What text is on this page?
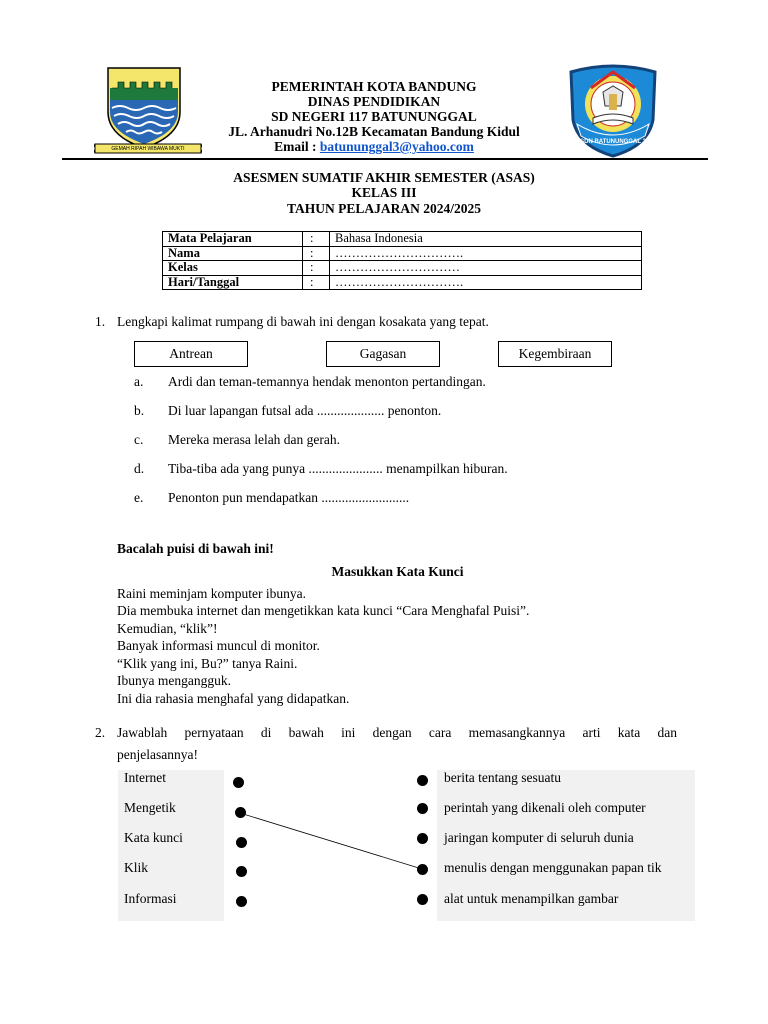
GEMAH RIPAH WIBAWA MUKTI
SDN BATUNUNGGAL 3
PEMERINTAH KOTA BANDUNG
DINAS PENDIDIKAN
SD NEGERI 117 BATUNUNGGAL
JL. Arhanudri No.12B Kecamatan Bandung Kidul
Email : batununggal3@yahoo.com
ASESMEN SUMATIF AKHIR SEMESTER (ASAS)
KELAS III
TAHUN PELAJARAN 2024/2025
Mata Pelajaran	:	Bahasa Indonesia
Nama	:	………………………….
Kelas	:	…………………………
Hari/Tanggal	:	………………………….
1. Lengkapi kalimat rumpang di bawah ini dengan kosakata yang tepat.
Antrean	Gagasan	Kegembiraan
a. Ardi dan teman-temannya hendak menonton pertandingan.
b. Di luar lapangan futsal ada .................... penonton.
c. Mereka merasa lelah dan gerah.
d. Tiba-tiba ada yang punya ...................... menampilkan hiburan.
e. Penonton pun mendapatkan ..........................
Bacalah puisi di bawah ini!
Masukkan Kata Kunci
Raini meminjam komputer ibunya.
Dia membuka internet dan mengetikkan kata kunci “Cara Menghafal Puisi”.
Kemudian, “klik”!
Banyak informasi muncul di monitor.
“Klik yang ini, Bu?” tanya Raini.
Ibunya mengangguk.
Ini dia rahasia menghafal yang didapatkan.
2. Jawablah pernyataan di bawah ini dengan cara memasangkannya arti kata dan
penjelasannya!
Internet
Mengetik
Kata kunci
Klik
Informasi
berita tentang sesuatu
perintah yang dikenali oleh computer
jaringan komputer di seluruh dunia
menulis dengan menggunakan papan tik
alat untuk menampilkan gambar
